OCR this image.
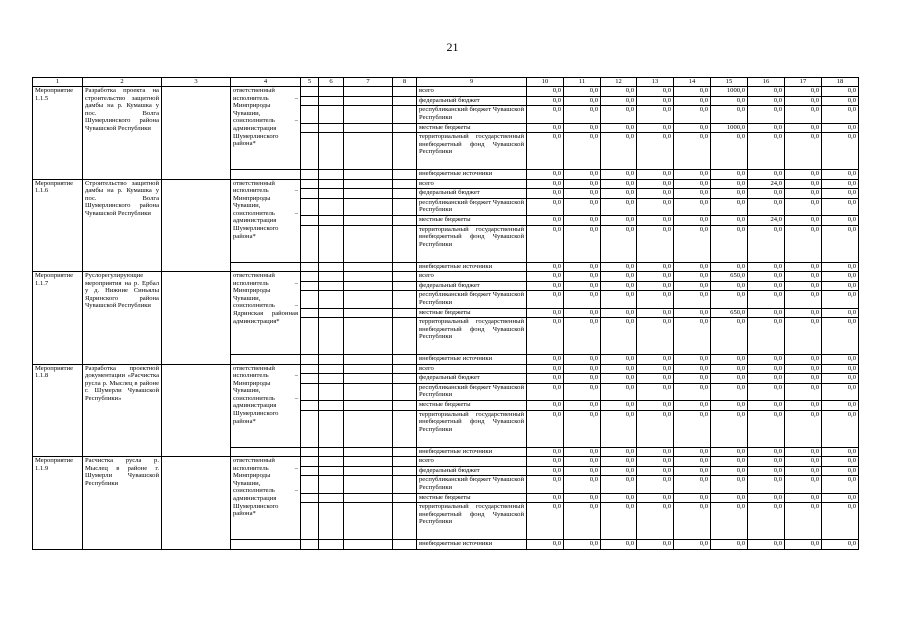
21
1	2	3	4	5	6	7	8	9	10	11	12	13	14	15	16	17	18
Мероприятие 1.1.5	Разработка проекта на строительство защитной дамбы на р. Кумашка у пос. Волга Шумерлинского района Чувашской Республики		ответственный исполнитель – Минприроды Чувашии, соисполнитель – администрация Шумерлинского района*					всего	0,0	0,0	0,0	0,0	0,0	1000,0	0,0	0,0	0,0
								федеральный бюджет	0,0	0,0	0,0	0,0	0,0	0,0	0,0	0,0	0,0
								республиканский бюджет Чувашской Республики	0,0	0,0	0,0	0,0	0,0	0,0	0,0	0,0	0,0
								местные бюджеты	0,0	0,0	0,0	0,0	0,0	1000,0	0,0	0,0	0,0
								территориальный государственный внебюджетный фонд Чувашской Республики	0,0	0,0	0,0	0,0	0,0	0,0	0,0	0,0	0,0
								внебюджетные источники	0,0	0,0	0,0	0,0	0,0	0,0	0,0	0,0	0,0
Мероприятие 1.1.6	Строительство защитной дамбы на р. Кумашка у пос. Волга Шумерлинского района Чувашской Республики		ответственный исполнитель – Минприроды Чувашии, соисполнитель – администрация Шумерлинского района*					всего	0,0	0,0	0,0	0,0	0,0	0,0	24,0	0,0	0,0
								федеральный бюджет	0,0	0,0	0,0	0,0	0,0	0,0	0,0	0,0	0,0
								республиканский бюджет Чувашской Республики	0,0	0,0	0,0	0,0	0,0	0,0	0,0	0,0	0,0
								местные бюджеты	0,0	0,0	0,0	0,0	0,0	0,0	24,0	0,0	0,0
								территориальный государственный внебюджетный фонд Чувашской Республики	0,0	0,0	0,0	0,0	0,0	0,0	0,0	0,0	0,0
								внебюджетные источники	0,0	0,0	0,0	0,0	0,0	0,0	0,0	0,0	0,0
Мероприятие 1.1.7	Руслорегулирующие мероприятия на р. Ербал у д. Нижние Синьялы Ядринского района Чувашской Республики		ответственный исполнитель – Минприроды Чувашии, соисполнитель – Ядринская районная администрация*					всего	0,0	0,0	0,0	0,0	0,0	650,0	0,0	0,0	0,0
								федеральный бюджет	0,0	0,0	0,0	0,0	0,0	0,0	0,0	0,0	0,0
								республиканский бюджет Чувашской Республики	0,0	0,0	0,0	0,0	0,0	0,0	0,0	0,0	0,0
								местные бюджеты	0,0	0,0	0,0	0,0	0,0	650,0	0,0	0,0	0,0
								территориальный государственный внебюджетный фонд Чувашской Республики	0,0	0,0	0,0	0,0	0,0	0,0	0,0	0,0	0,0
								внебюджетные источники	0,0	0,0	0,0	0,0	0,0	0,0	0,0	0,0	0,0
Мероприятие 1.1.8	Разработка проектной документации «Расчистка русла р. Мыслец в районе г. Шумерли Чувашской Республики»		ответственный исполнитель – Минприроды Чувашии, соисполнитель – администрация Шумерлинского района*					всего	0,0	0,0	0,0	0,0	0,0	0,0	0,0	0,0	0,0
								федеральный бюджет	0,0	0,0	0,0	0,0	0,0	0,0	0,0	0,0	0,0
								республиканский бюджет Чувашской Республики	0,0	0,0	0,0	0,0	0,0	0,0	0,0	0,0	0,0
								местные бюджеты	0,0	0,0	0,0	0,0	0,0	0,0	0,0	0,0	0,0
								территориальный государственный внебюджетный фонд Чувашской Республики	0,0	0,0	0,0	0,0	0,0	0,0	0,0	0,0	0,0
								внебюджетные источники	0,0	0,0	0,0	0,0	0,0	0,0	0,0	0,0	0,0
Мероприятие 1.1.9	Расчистка русла р. Мыслец в районе г. Шумерли Чувашской Республики		ответственный исполнитель – Минприроды Чувашии, соисполнитель – администрация Шумерлинского района*					всего	0,0	0,0	0,0	0,0	0,0	0,0	0,0	0,0	0,0
								федеральный бюджет	0,0	0,0	0,0	0,0	0,0	0,0	0,0	0,0	0,0
								республиканский бюджет Чувашской Республики	0,0	0,0	0,0	0,0	0,0	0,0	0,0	0,0	0,0
								местные бюджеты	0,0	0,0	0,0	0,0	0,0	0,0	0,0	0,0	0,0
								территориальный государственный внебюджетный фонд Чувашской Республики	0,0	0,0	0,0	0,0	0,0	0,0	0,0	0,0	0,0
								внебюджетные источники	0,0	0,0	0,0	0,0	0,0	0,0	0,0	0,0	0,0
